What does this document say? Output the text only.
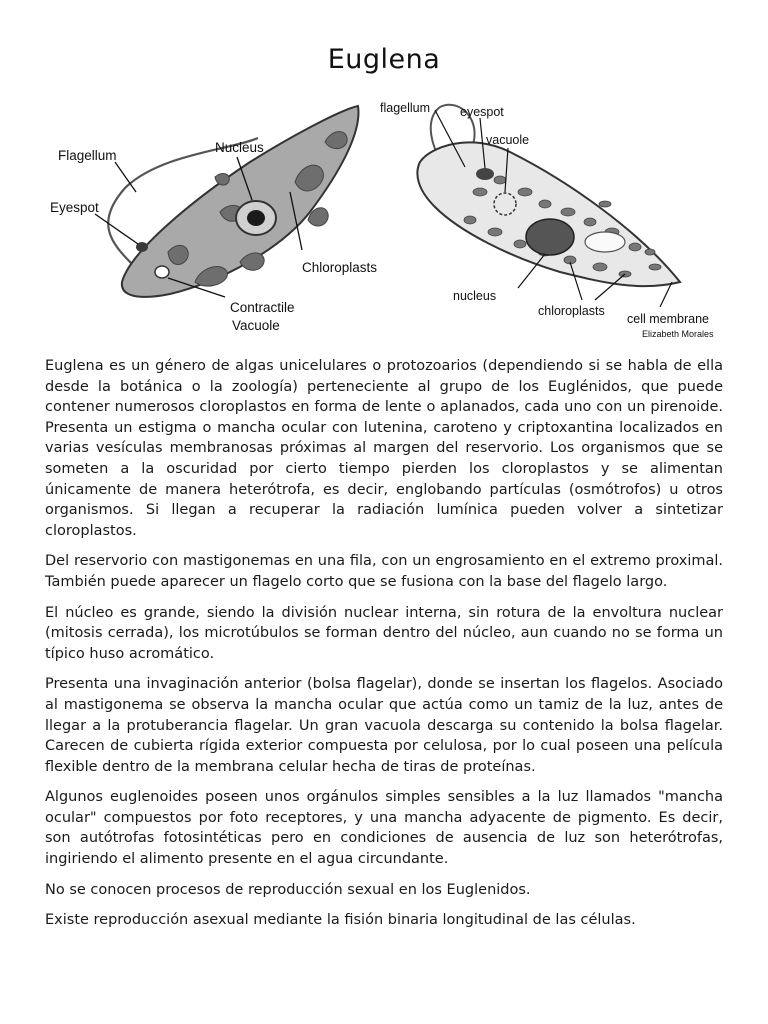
Euglena
Flagellum
Nucleus
Eyespot
Chloroplasts
Contractile
Vacuole
flagellum eyespot
vacuole
nucleus
chloroplasts
cell membrane
Elizabeth Morales

Euglena es un género de algas unicelulares o protozoarios (dependiendo si se habla de ella desde la botánica o la zoología) perteneciente al grupo de los Euglénidos, que puede contener numerosos cloroplastos en forma de lente o aplanados, cada uno con un pirenoide. Presenta un estigma o mancha ocular con lutenina, caroteno y criptoxantina localizados en varias vesículas membranosas próximas al margen del reservorio. Los organismos que se someten a la oscuridad por cierto tiempo pierden los cloroplastos y se alimentan únicamente de manera heterótrofa, es decir, englobando partículas (osmótrofos) u otros organismos. Si llegan a recuperar la radiación lumínica pueden volver a sintetizar cloroplastos.

Del reservorio con mastigonemas en una fila, con un engrosamiento en el extremo proximal. También puede aparecer un flagelo corto que se fusiona con la base del flagelo largo.

El núcleo es grande, siendo la división nuclear interna, sin rotura de la envoltura nuclear (mitosis cerrada), los microtúbulos se forman dentro del núcleo, aun cuando no se forma un típico huso acromático.

Presenta una invaginación anterior (bolsa flagelar), donde se insertan los flagelos. Asociado al mastigonema se observa la mancha ocular que actúa como un tamiz de la luz, antes de llegar a la protuberancia flagelar. Un gran vacuola descarga su contenido la bolsa flagelar. Carecen de cubierta rígida exterior compuesta por celulosa, por lo cual poseen una película flexible dentro de la membrana celular hecha de tiras de proteínas.

Algunos euglenoides poseen unos orgánulos simples sensibles a la luz llamados "mancha ocular" compuestos por foto receptores, y una mancha adyacente de pigmento. Es decir, son autótrofas fotosintéticas pero en condiciones de ausencia de luz son heterótrofas, ingiriendo el alimento presente en el agua circundante.

No se conocen procesos de reproducción sexual en los Euglenidos.

Existe reproducción asexual mediante la fisión binaria longitudinal de las células.
